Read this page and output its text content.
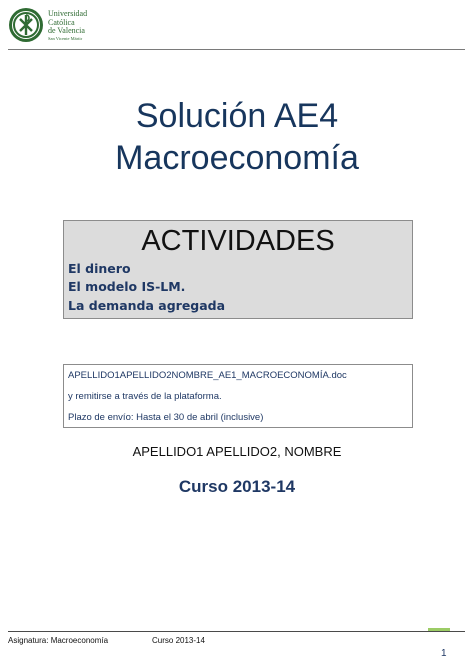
Universidad
Católica
de Valencia
San Vicente Mártir
Solución AE4
Macroeconomía
ACTIVIDADES
El dinero
El modelo IS-LM.
La demanda agregada
APELLIDO1APELLIDO2NOMBRE_AE1_MACROECONOMÍA.doc
y remitirse a través de la plataforma.
Plazo de envío: Hasta el 30 de abril (inclusive)
APELLIDO1 APELLIDO2, NOMBRE
Curso 2013-14
Asignatura: Macroeconomía	Curso 2013-14
1
